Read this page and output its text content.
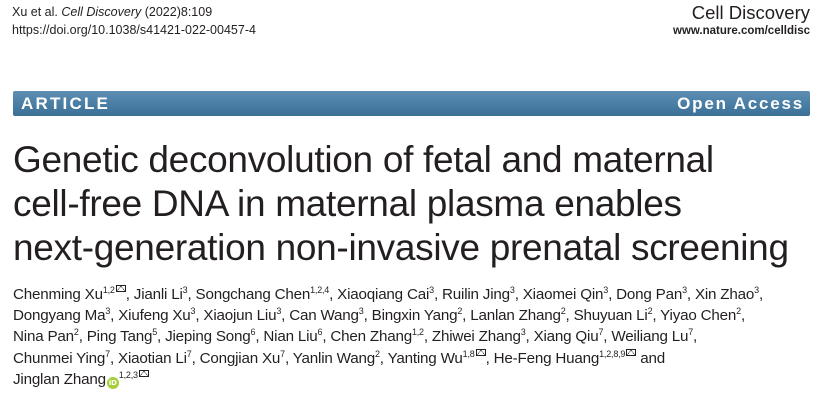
Xu et al. Cell Discovery (2022)8:109
https://doi.org/10.1038/s41421-022-00457-4
Cell Discovery
www.nature.com/celldisc
ARTICLE	Open Access
Genetic deconvolution of fetal and maternal
cell-free DNA in maternal plasma enables
next-generation non-invasive prenatal screening
Chenming Xu$^{1,2}$ , Jianli Li$^3$, Songchang Chen$^{1,2,4}$, Xiaoqiang Cai$^3$, Ruilin Jing$^3$, Xiaomei Qin$^3$, Dong Pan$^3$, Xin Zhao$^3$,
Dongyang Ma$^3$, Xiufeng Xu$^3$, Xiaojun Liu$^3$, Can Wang$^3$, Bingxin Yang$^2$, Lanlan Zhang$^2$, Shuyuan Li$^2$, Yiyao Chen$^2$,
Nina Pan$^2$, Ping Tang$^5$, Jieping Song$^6$, Nian Liu$^6$, Chen Zhang$^{1,2}$, Zhiwei Zhang$^3$, Xiang Qiu$^7$, Weiliang Lu$^7$,
Chunmei Ying$^7$, Xiaotian Li$^7$, Congjian Xu$^7$, Yanlin Wang$^2$, Yanting Wu$^{1,8}$ , He-Feng Huang$^{1,2,8,9}$ and
Jinglan Zhang iD$^{1,2,3}$
